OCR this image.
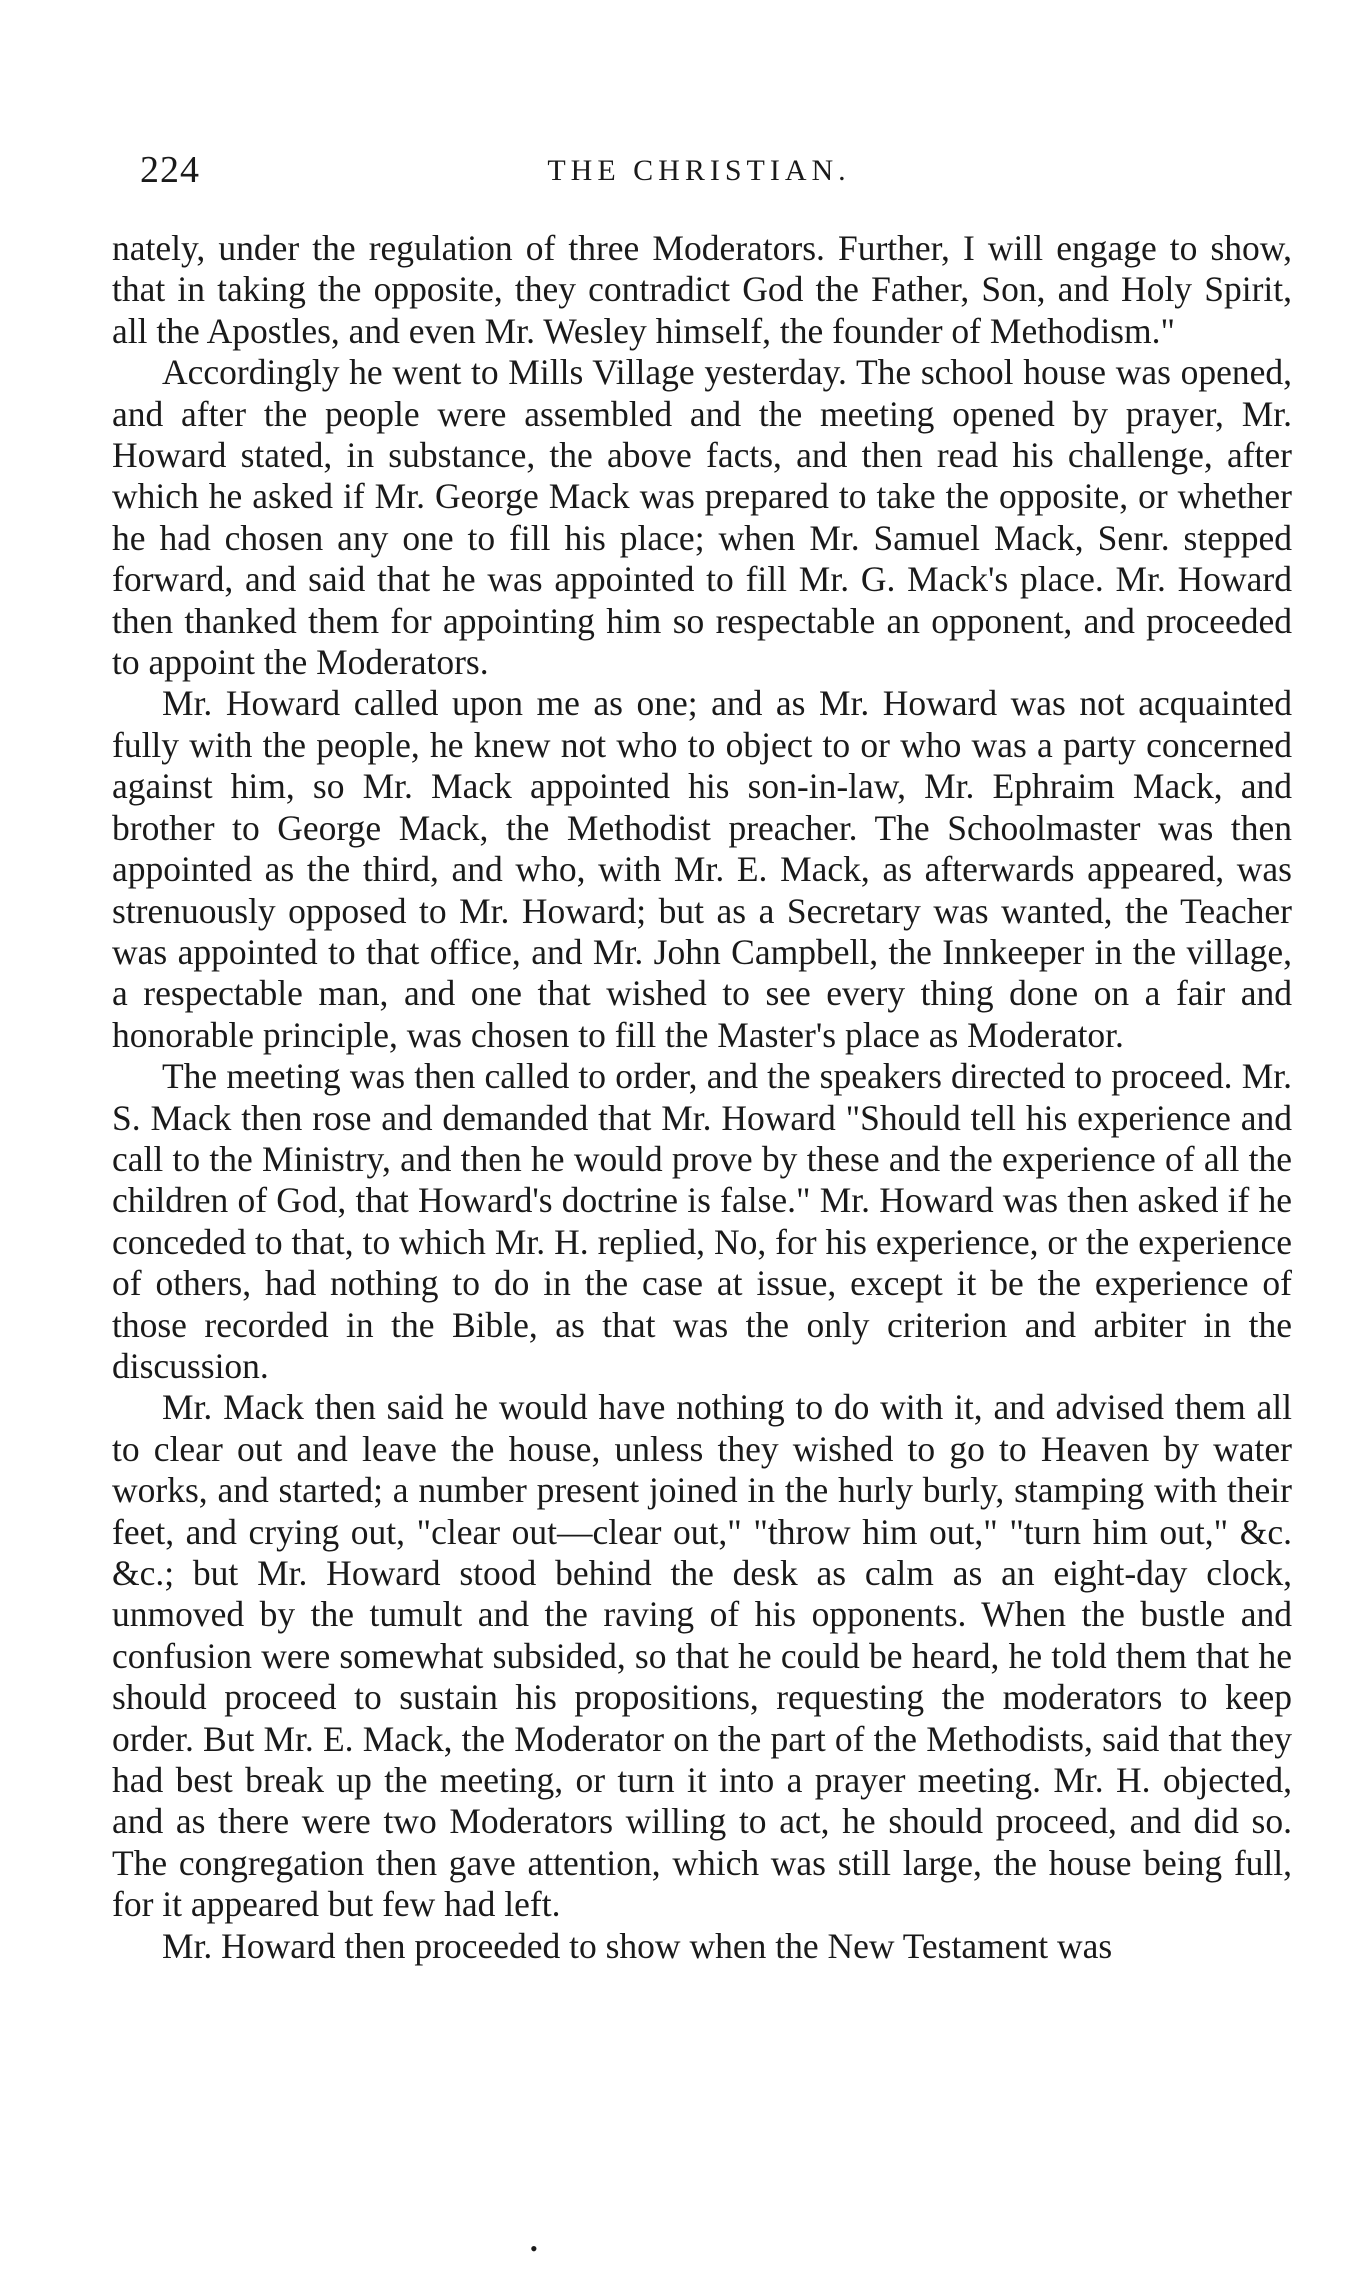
224	THE CHRISTIAN.

nately, under the regulation of three Moderators. Further, I will engage to show, that in taking the opposite, they contradict God the Father, Son, and Holy Spirit, all the Apostles, and even Mr. Wesley himself, the founder of Methodism."

Accordingly he went to Mills Village yesterday. The school house was opened, and after the people were assembled and the meeting opened by prayer, Mr. Howard stated, in substance, the above facts, and then read his challenge, after which he asked if Mr. George Mack was prepared to take the opposite, or whether he had chosen any one to fill his place; when Mr. Samuel Mack, Senr. stepped forward, and said that he was appointed to fill Mr. G. Mack's place. Mr. Howard then thanked them for appointing him so respectable an opponent, and proceeded to appoint the Moderators.

Mr. Howard called upon me as one; and as Mr. Howard was not acquainted fully with the people, he knew not who to object to or who was a party concerned against him, so Mr. Mack appointed his son-in-law, Mr. Ephraim Mack, and brother to George Mack, the Methodist preacher. The Schoolmaster was then appointed as the third, and who, with Mr. E. Mack, as afterwards appeared, was strenuously opposed to Mr. Howard; but as a Secretary was wanted, the Teacher was appointed to that office, and Mr. John Campbell, the Innkeeper in the village, a respectable man, and one that wished to see every thing done on a fair and honorable principle, was chosen to fill the Master's place as Moderator.

The meeting was then called to order, and the speakers directed to proceed. Mr. S. Mack then rose and demanded that Mr. Howard "Should tell his experience and call to the Ministry, and then he would prove by these and the experience of all the children of God, that Howard's doctrine is false." Mr. Howard was then asked if he conceded to that, to which Mr. H. replied, No, for his experience, or the experience of others, had nothing to do in the case at issue, except it be the experience of those recorded in the Bible, as that was the only criterion and arbiter in the discussion.

Mr. Mack then said he would have nothing to do with it, and advised them all to clear out and leave the house, unless they wished to go to Heaven by water works, and started; a number present joined in the hurly burly, stamping with their feet, and crying out, "clear out—clear out," "throw him out," "turn him out," &c. &c.; but Mr. Howard stood behind the desk as calm as an eight-day clock, unmoved by the tumult and the raving of his opponents. When the bustle and confusion were somewhat subsided, so that he could be heard, he told them that he should proceed to sustain his propositions, requesting the moderators to keep order. But Mr. E. Mack, the Moderator on the part of the Methodists, said that they had best break up the meeting, or turn it into a prayer meeting. Mr. H. objected, and as there were two Moderators willing to act, he should proceed, and did so. The congregation then gave attention, which was still large, the house being full, for it appeared but few had left.

Mr. Howard then proceeded to show when the New Testament was

•
